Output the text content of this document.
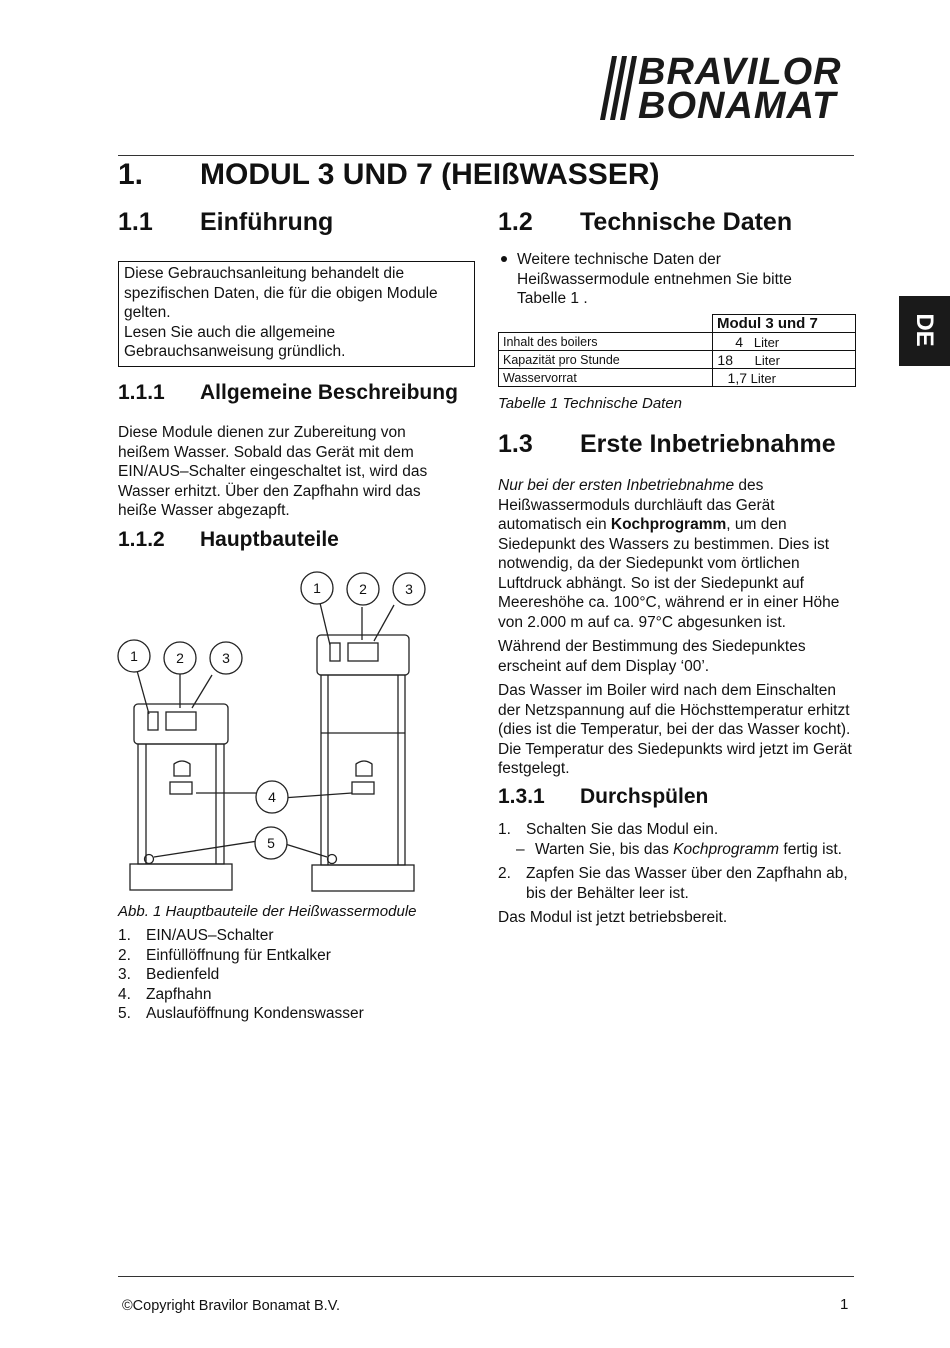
BRAVILOR
BONAMAT
DE
1. MODUL 3 UND 7 (HEIßWASSER)
1.1 Einführung
Diese Gebrauchsanleitung behandelt die spezifischen Daten, die für die obigen Module gelten.
Lesen Sie auch die allgemeine Gebrauchsanweisung gründlich.
1.1.1 Allgemeine Beschreibung
Diese Module dienen zur Zubereitung von heißem Wasser. Sobald das Gerät mit dem EIN/AUS–Schalter eingeschaltet ist, wird das Wasser erhitzt. Über den Zapfhahn wird das heiße Wasser abgezapft.
1.1.2 Hauptbauteile
1	2	3
1	2	3
4
5
Abb. 1 Hauptbauteile der Heißwassermodule
1. EIN/AUS–Schalter
2. Einfüllöffnung für Entkalker
3. Bedienfeld
4. Zapfhahn
5. Auslauföffnung Kondenswasser
1.2 Technische Daten
Weitere technische Daten der Heißwassermodule entnehmen Sie bitte Tabelle 1 .
	Modul 3 und 7
Inhalt des boilers	4 Liter
Kapazität pro Stunde	18 Liter
Wasservorrat	1,7 Liter
Tabelle 1 Technische Daten
1.3 Erste Inbetriebnahme
Nur bei der ersten Inbetriebnahme des Heißwassermoduls durchläuft das Gerät automatisch ein Kochprogramm, um den Siedepunkt des Wassers zu bestimmen. Dies ist notwendig, da der Siedepunkt vom örtlichen Luftdruck abhängt. So ist der Siedepunkt auf Meereshöhe ca. 100°C, während er in einer Höhe von 2.000 m auf ca. 97°C abgesunken ist.
Während der Bestimmung des Siedepunktes erscheint auf dem Display ‘00’.
Das Wasser im Boiler wird nach dem Einschalten der Netzspannung auf die Höchsttemperatur erhitzt (dies ist die Temperatur, bei der das Wasser kocht). Die Temperatur des Siedepunkts wird jetzt im Gerät festgelegt.
1.3.1 Durchspülen
1. Schalten Sie das Modul ein.
– Warten Sie, bis das Kochprogramm fertig ist.
2. Zapfen Sie das Wasser über den Zapfhahn ab, bis der Behälter leer ist.
Das Modul ist jetzt betriebsbereit.
©Copyright Bravilor Bonamat B.V.	1
